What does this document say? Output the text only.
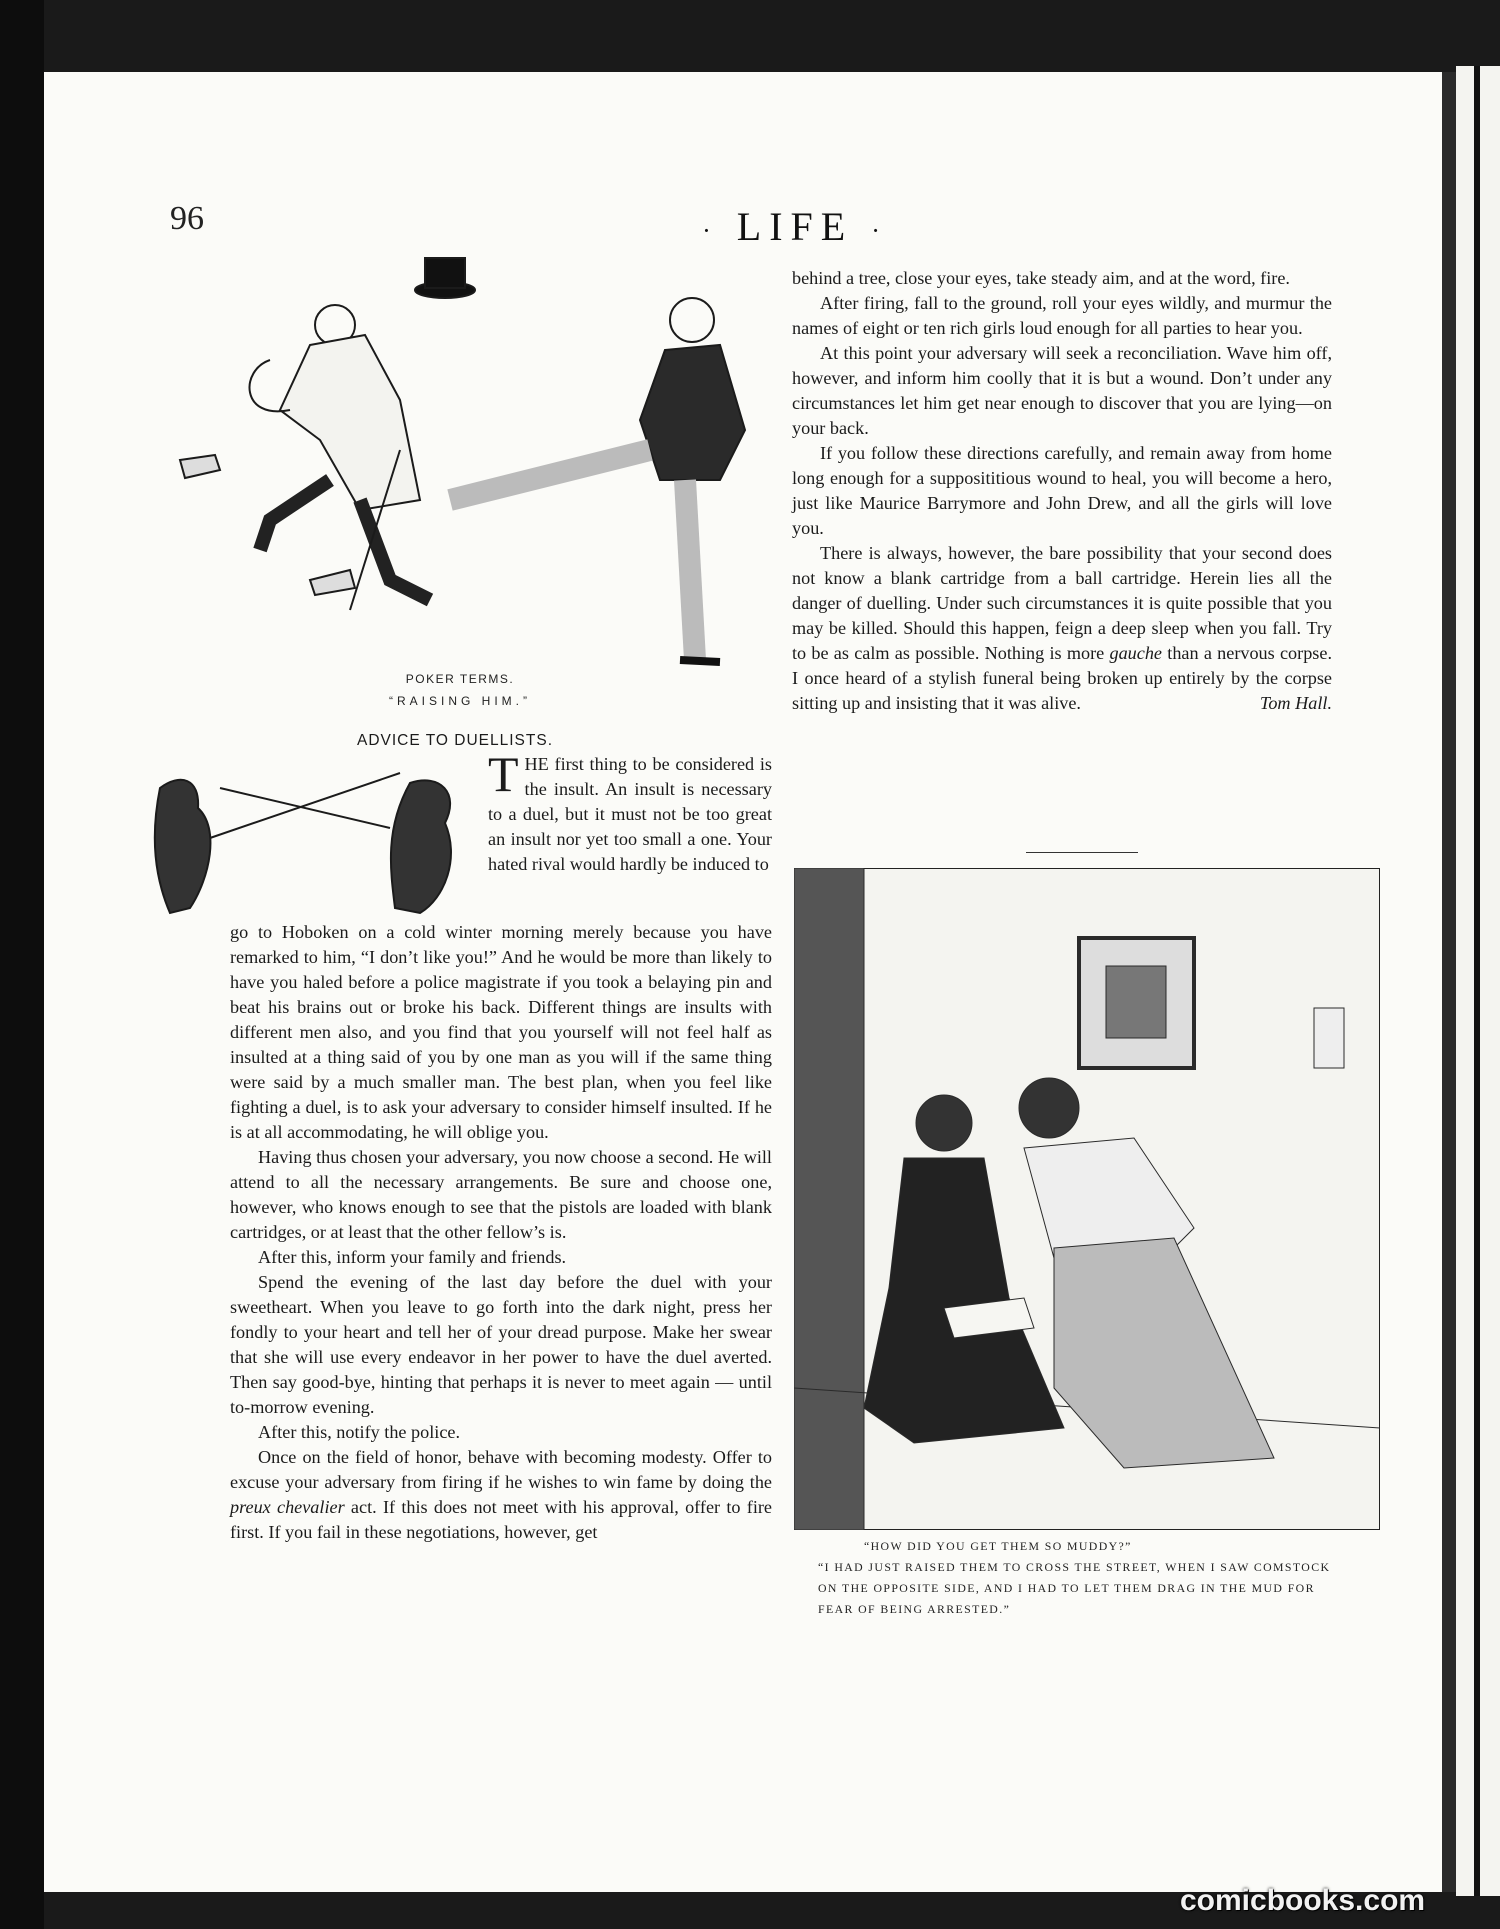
96	· LIFE ·
POKER TERMS.
“RAISING HIM.”
ADVICE TO DUELLISTS.
THE first thing to be considered is the insult. An insult is necessary to a duel, but it must not be too great an insult nor yet too small a one. Your hated rival would hardly be induced to

go to Hoboken on a cold winter morning merely because you have remarked to him, “I don’t like you!” And he would be more than likely to have you haled before a police magistrate if you took a belaying pin and beat his brains out or broke his back. Different things are insults with different men also, and you find that you yourself will not feel half as insulted at a thing said of you by one man as you will if the same thing were said by a much smaller man. The best plan, when you feel like fighting a duel, is to ask your adversary to consider himself insulted. If he is at all accommodating, he will oblige you.

Having thus chosen your adversary, you now choose a second. He will attend to all the necessary arrangements. Be sure and choose one, however, who knows enough to see that the pistols are loaded with blank cartridges, or at least that the other fellow’s is.

After this, inform your family and friends.

Spend the evening of the last day before the duel with your sweetheart. When you leave to go forth into the dark night, press her fondly to your heart and tell her of your dread purpose. Make her swear that she will use every endeavor in her power to have the duel averted. Then say good-bye, hinting that perhaps it is never to meet again — until to-morrow evening.

After this, notify the police.

Once on the field of honor, behave with becoming modesty. Offer to excuse your adversary from firing if he wishes to win fame by doing the preux chevalier act. If this does not meet with his approval, offer to fire first. If you fail in these negotiations, however, get

behind a tree, close your eyes, take steady aim, and at the word, fire.

After firing, fall to the ground, roll your eyes wildly, and murmur the names of eight or ten rich girls loud enough for all parties to hear you.

At this point your adversary will seek a reconciliation. Wave him off, however, and inform him coolly that it is but a wound. Don’t under any circumstances let him get near enough to discover that you are lying—on your back.

If you follow these directions carefully, and remain away from home long enough for a supposititious wound to heal, you will become a hero, just like Maurice Barrymore and John Drew, and all the girls will love you.

There is always, however, the bare possibility that your second does not know a blank cartridge from a ball cartridge. Herein lies all the danger of duelling. Under such circumstances it is quite possible that you may be killed. Should this happen, feign a deep sleep when you fall. Try to be as calm as possible. Nothing is more gauche than a nervous corpse. I once heard of a stylish funeral being broken up entirely by the corpse sitting up and insisting that it was alive.	Tom Hall.

“HOW DID YOU GET THEM SO MUDDY?”
“I HAD JUST RAISED THEM TO CROSS THE STREET, WHEN I SAW COMSTOCK ON THE OPPOSITE SIDE, AND I HAD TO LET THEM DRAG IN THE MUD FOR FEAR OF BEING ARRESTED.”
comicbooks.com
